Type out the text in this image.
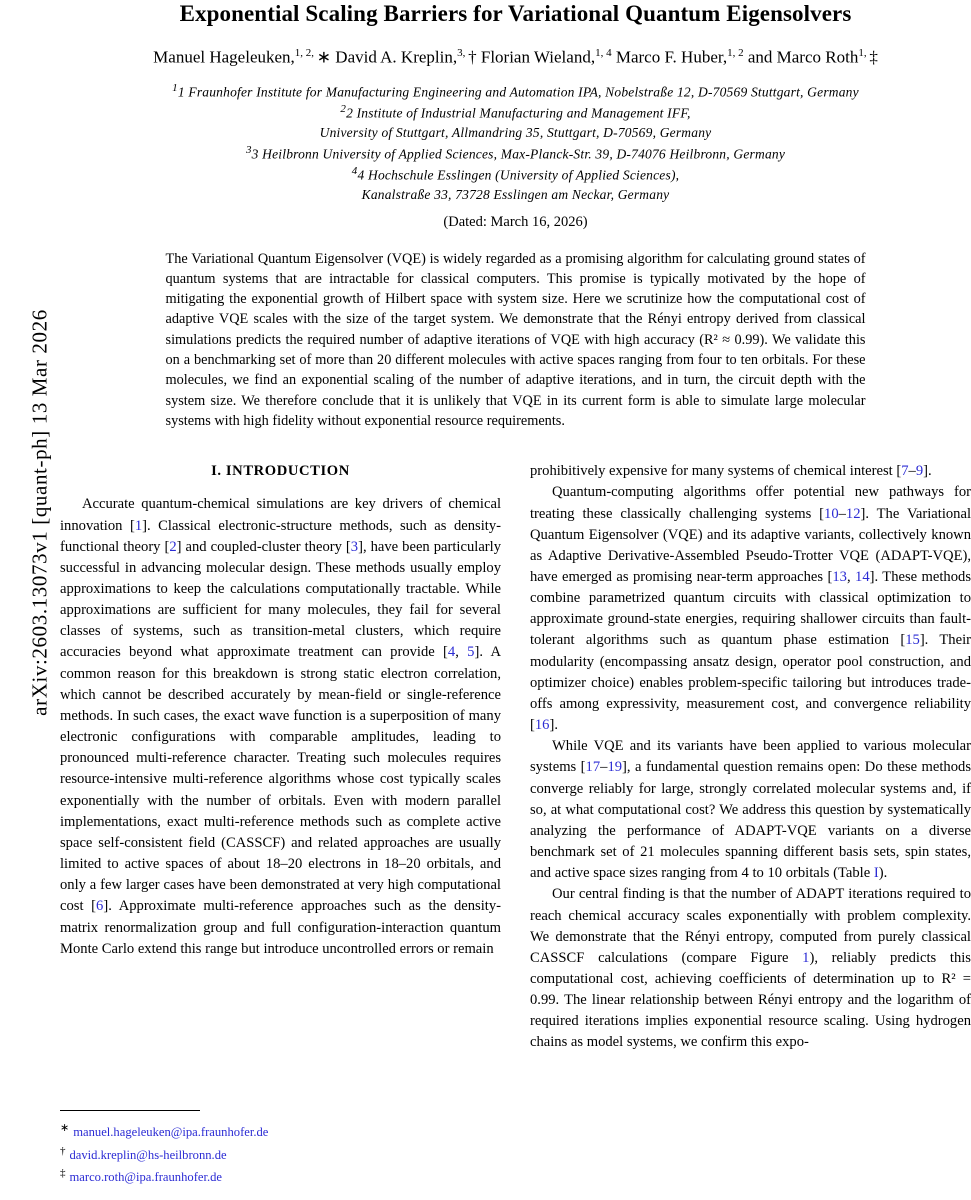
arXiv:2603.13073v1 [quant-ph] 13 Mar 2026
Exponential Scaling Barriers for Variational Quantum Eigensolvers
Manuel Hageleuken,$^{1, 2,}$ ∗ David A. Kreplin,$^{3,}$ † Florian Wieland,$^{1, 4}$ Marco F. Huber,$^{1, 2}$ and Marco Roth$^{1,}$ ‡
$^1$1 Fraunhofer Institute for Manufacturing Engineering and Automation IPA, Nobelstraße 12, D-70569 Stuttgart, Germany
$^2$2 Institute of Industrial Manufacturing and Management IFF,
University of Stuttgart, Allmandring 35, Stuttgart, D-70569, Germany
$^3$3 Heilbronn University of Applied Sciences, Max-Planck-Str. 39, D-74076 Heilbronn, Germany
$^4$4 Hochschule Esslingen (University of Applied Sciences),
Kanalstraße 33, 73728 Esslingen am Neckar, Germany
(Dated: March 16, 2026)
The Variational Quantum Eigensolver (VQE) is widely regarded as a promising algorithm for calculating ground states of quantum systems that are intractable for classical computers. This promise is typically motivated by the hope of mitigating the exponential growth of Hilbert space with system size. Here we scrutinize how the computational cost of adaptive VQE scales with the size of the target system. We demonstrate that the Rényi entropy derived from classical simulations predicts the required number of adaptive iterations of VQE with high accuracy (R² ≈ 0.99). We validate this on a benchmarking set of more than 20 different molecules with active spaces ranging from four to ten orbitals. For these molecules, we find an exponential scaling of the number of adaptive iterations, and in turn, the circuit depth with the system size. We therefore conclude that it is unlikely that VQE in its current form is able to simulate large molecular systems with high fidelity without exponential resource requirements.
I. INTRODUCTION

Accurate quantum-chemical simulations are key drivers of chemical innovation [1]. Classical electronic-structure methods, such as density-functional theory [2] and coupled-cluster theory [3], have been particularly successful in advancing molecular design. These methods usually employ approximations to keep the calculations computationally tractable. While approximations are sufficient for many molecules, they fail for several classes of systems, such as transition-metal clusters, which require accuracies beyond what approximate treatment can provide [4, 5]. A common reason for this breakdown is strong static electron correlation, which cannot be described accurately by mean-field or single-reference methods. In such cases, the exact wave function is a superposition of many electronic configurations with comparable amplitudes, leading to pronounced multi-reference character. Treating such molecules requires resource-intensive multi-reference algorithms whose cost typically scales exponentially with the number of orbitals. Even with modern parallel implementations, exact multi-reference methods such as complete active space self-consistent field (CASSCF) and related approaches are usually limited to active spaces of about 18–20 electrons in 18–20 orbitals, and only a few larger cases have been demonstrated at very high computational cost [6]. Approximate multi-reference approaches such as the density-matrix renormalization group and full configuration-interaction quantum Monte Carlo extend this range but introduce uncontrolled errors or remain

prohibitively expensive for many systems of chemical interest [7–9].

Quantum-computing algorithms offer potential new pathways for treating these classically challenging systems [10–12]. The Variational Quantum Eigensolver (VQE) and its adaptive variants, collectively known as Adaptive Derivative-Assembled Pseudo-Trotter VQE (ADAPT-VQE), have emerged as promising near-term approaches [13, 14]. These methods combine parametrized quantum circuits with classical optimization to approximate ground-state energies, requiring shallower circuits than fault-tolerant algorithms such as quantum phase estimation [15]. Their modularity (encompassing ansatz design, operator pool construction, and optimizer choice) enables problem-specific tailoring but introduces trade-offs among expressivity, measurement cost, and convergence reliability [16].

While VQE and its variants have been applied to various molecular systems [17–19], a fundamental question remains open: Do these methods converge reliably for large, strongly correlated molecular systems and, if so, at what computational cost? We address this question by systematically analyzing the performance of ADAPT-VQE variants on a diverse benchmark set of 21 molecules spanning different basis sets, spin states, and active space sizes ranging from 4 to 10 orbitals (Table I).

Our central finding is that the number of ADAPT iterations required to reach chemical accuracy scales exponentially with problem complexity. We demonstrate that the Rényi entropy, computed from purely classical CASSCF calculations (compare Figure 1), reliably predicts this computational cost, achieving coefficients of determination up to R² = 0.99. The linear relationship between Rényi entropy and the logarithm of required iterations implies exponential resource scaling. Using hydrogen chains as model systems, we confirm this expo-

∗ manuel.hageleuken@ipa.fraunhofer.de
† david.kreplin@hs-heilbronn.de
‡ marco.roth@ipa.fraunhofer.de
